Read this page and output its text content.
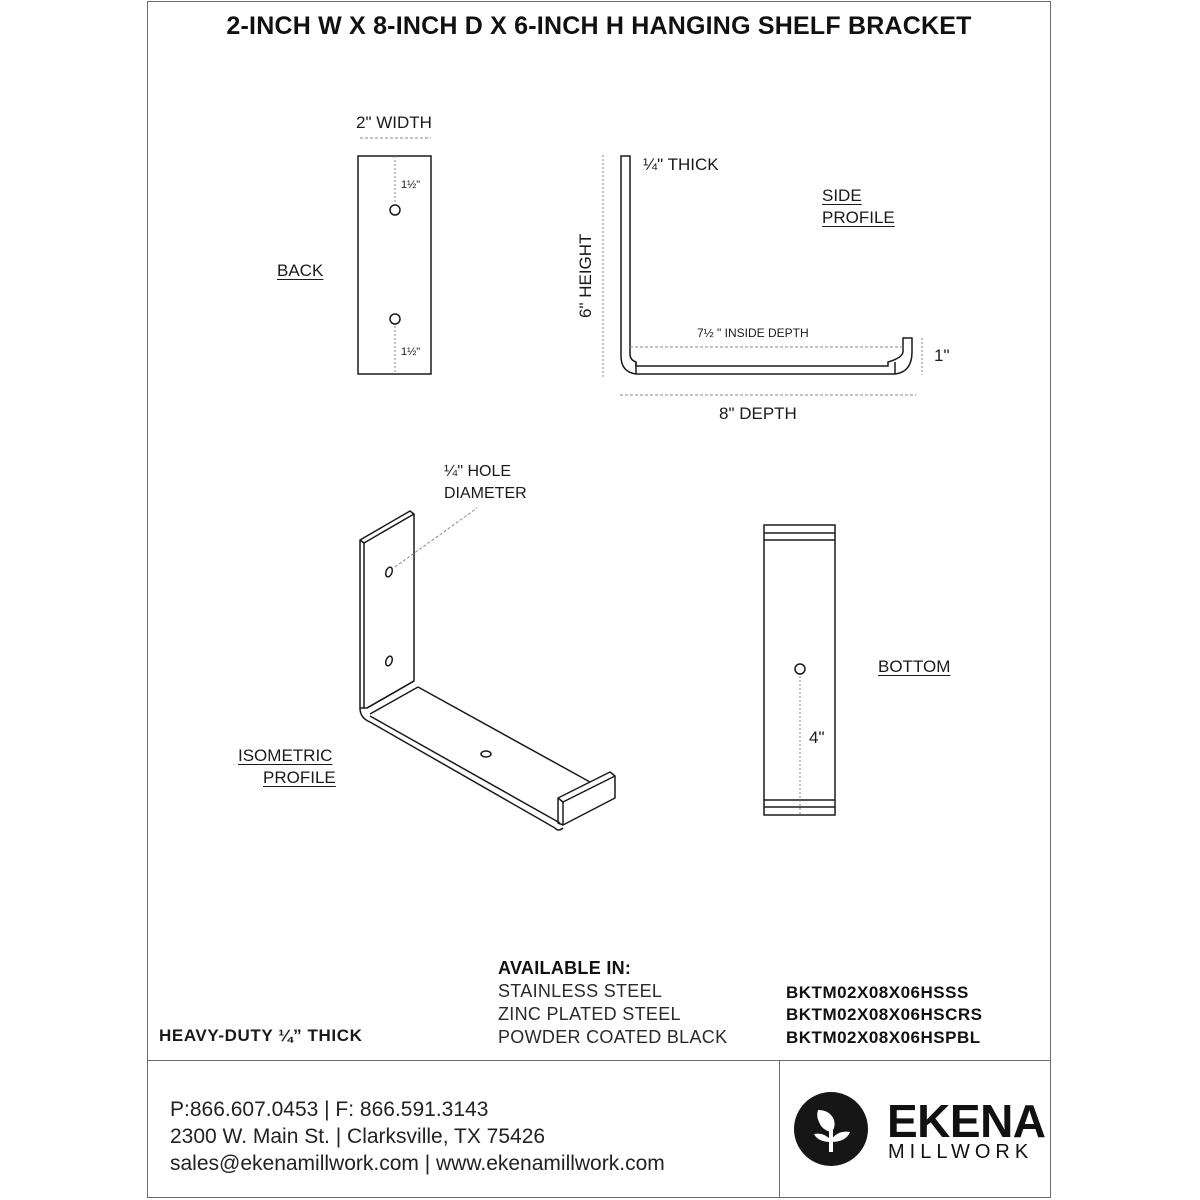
2-INCH W X 8-INCH D X 6-INCH H HANGING SHELF BRACKET
2" WIDTH
1½"
1½"
BACK
¼" THICK
SIDE
PROFILE
6" HEIGHT
7½ " INSIDE DEPTH
1"
8" DEPTH
¼" HOLE
DIAMETER
ISOMETRIC
PROFILE
BOTTOM
4"
HEAVY-DUTY ¼” THICK
AVAILABLE IN:
STAINLESS STEEL
ZINC PLATED STEEL
POWDER COATED BLACK
BKTM02X08X06HSSS
BKTM02X08X06HSCRS
BKTM02X08X06HSPBL
P:866.607.0453 | F: 866.591.3143
2300 W. Main St. | Clarksville, TX 75426
sales@ekenamillwork.com | www.ekenamillwork.com
EKENA
MILLWORK
